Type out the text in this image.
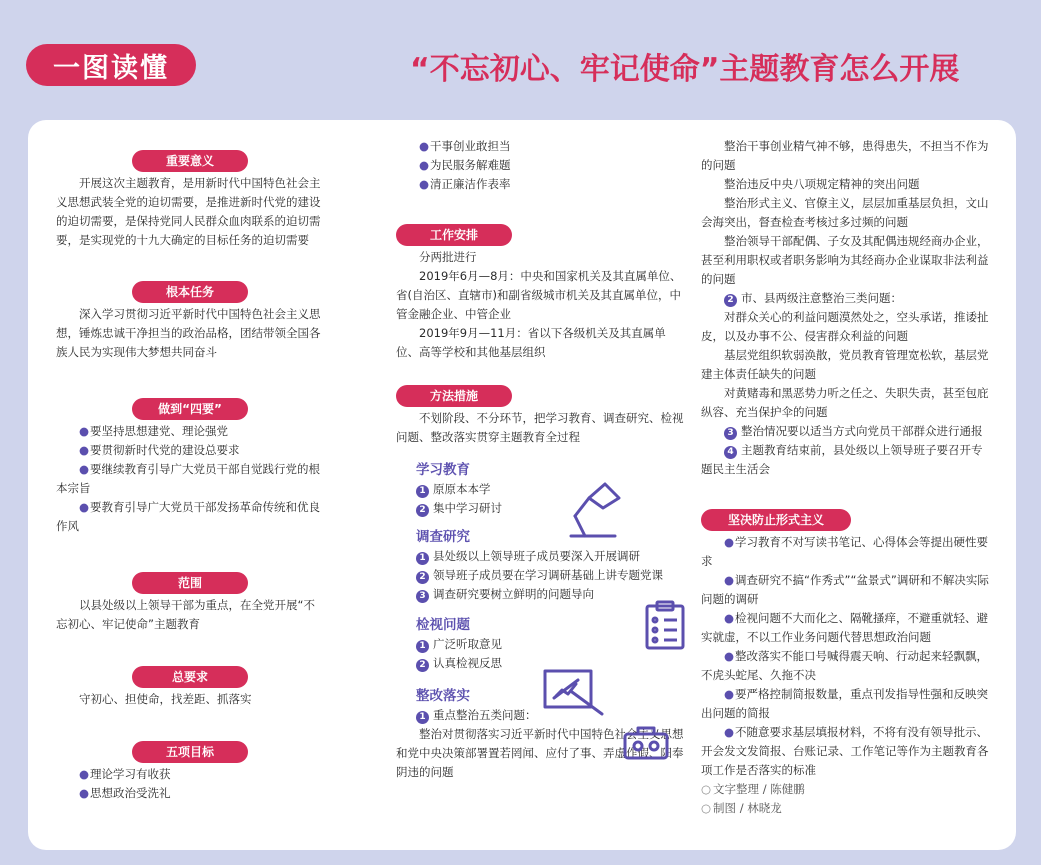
一图读懂	“不忘初心、牢记使命”主题教育怎么开展
重要意义
开展这次主题教育，是用新时代中国特色社会主义思想武装全党的迫切需要，是推进新时代党的建设的迫切需要，是保持党同人民群众血肉联系的迫切需要，是实现党的十九大确定的目标任务的迫切需要
根本任务
深入学习贯彻习近平新时代中国特色社会主义思想，锤炼忠诚干净担当的政治品格，团结带领全国各族人民为实现伟大梦想共同奋斗
做到“四要”
● 要坚持思想建党、理论强党
● 要贯彻新时代党的建设总要求
● 要继续教育引导广大党员干部自觉践行党的根本宗旨
● 要教育引导广大党员干部发扬革命传统和优良作风
范围
以县处级以上领导干部为重点，在全党开展“不忘初心、牢记使命”主题教育
总要求
守初心、担使命，找差距、抓落实
五项目标
● 理论学习有收获
● 思想政治受洗礼
● 干事创业敢担当
● 为民服务解难题
● 清正廉洁作表率
工作安排
分两批进行
2019年6月—8月：中央和国家机关及其直属单位、省(自治区、直辖市)和副省级城市机关及其直属单位，中管金融企业、中管企业
2019年9月—11月：省以下各级机关及其直属单位、高等学校和其他基层组织
方法措施
不划阶段、不分环节，把学习教育、调查研究、检视问题、整改落实贯穿主题教育全过程
学习教育
1 原原本本学
2 集中学习研讨
调查研究
1 县处级以上领导班子成员要深入开展调研
2 领导班子成员要在学习调研基础上讲专题党课
3 调查研究要树立鲜明的问题导向
检视问题
1 广泛听取意见
2 认真检视反思
整改落实
1 重点整治五类问题：
整治对贯彻落实习近平新时代中国特色社会主义思想和党中央决策部署置若罔闻、应付了事、弄虚作假、阳奉阴违的问题
整治干事创业精气神不够，患得患失，不担当不作为的问题
整治违反中央八项规定精神的突出问题
整治形式主义、官僚主义，层层加重基层负担，文山会海突出，督查检查考核过多过频的问题
整治领导干部配偶、子女及其配偶违规经商办企业，甚至利用职权或者职务影响为其经商办企业谋取非法利益的问题
2 市、县两级注意整治三类问题：
对群众关心的利益问题漠然处之，空头承诺，推诿扯皮，以及办事不公、侵害群众利益的问题
基层党组织软弱涣散，党员教育管理宽松软，基层党建主体责任缺失的问题
对黄赌毒和黑恶势力听之任之、失职失责，甚至包庇纵容、充当保护伞的问题
3 整治情况要以适当方式向党员干部群众进行通报
4 主题教育结束前，县处级以上领导班子要召开专题民主生活会
坚决防止形式主义
● 学习教育不对写读书笔记、心得体会等提出硬性要求
● 调查研究不搞“作秀式”“盆景式”调研和不解决实际问题的调研
● 检视问题不大而化之、隔靴搔痒，不避重就轻、避实就虚，不以工作业务问题代替思想政治问题
● 整改落实不能口号喊得震天响、行动起来轻飘飘，不虎头蛇尾、久拖不决
● 要严格控制简报数量，重点刊发指导性强和反映突出问题的简报
● 不随意要求基层填报材料，不将有没有领导批示、开会发文发简报、台账记录、工作笔记等作为主题教育各项工作是否落实的标准
○ 文字整理 / 陈健鹏
○ 制图 / 林晓龙
